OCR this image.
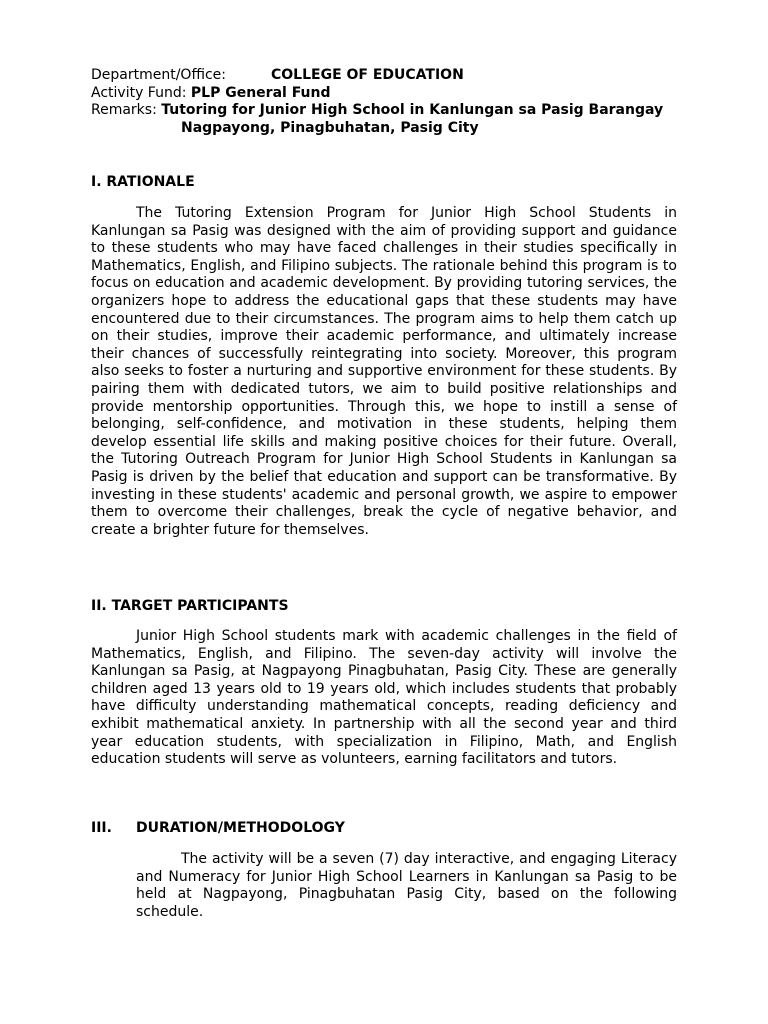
Department/Office:	COLLEGE OF EDUCATION

Activity Fund: PLP General Fund

Remarks: Tutoring for Junior High School in Kanlungan sa Pasig Barangay

Nagpayong, Pinagbuhatan, Pasig City

I. RATIONALE

The Tutoring Extension Program for Junior High School Students in Kanlungan sa Pasig was designed with the aim of providing support and guidance to these students who may have faced challenges in their studies specifically in Mathematics, English, and Filipino subjects. The rationale behind this program is to focus on education and academic development. By providing tutoring services, the organizers hope to address the educational gaps that these students may have encountered due to their circumstances. The program aims to help them catch up on their studies, improve their academic performance, and ultimately increase their chances of successfully reintegrating into society. Moreover, this program also seeks to foster a nurturing and supportive environment for these students. By pairing them with dedicated tutors, we aim to build positive relationships and provide mentorship opportunities. Through this, we hope to instill a sense of belonging, self-confidence, and motivation in these students, helping them develop essential life skills and making positive choices for their future. Overall, the Tutoring Outreach Program for Junior High School Students in Kanlungan sa Pasig is driven by the belief that education and support can be transformative. By investing in these students' academic and personal growth, we aspire to empower them to overcome their challenges, break the cycle of negative behavior, and create a brighter future for themselves.

II. TARGET PARTICIPANTS

Junior High School students mark with academic challenges in the field of Mathematics, English, and Filipino. The seven-day activity will involve the Kanlungan sa Pasig, at Nagpayong Pinagbuhatan, Pasig City. These are generally children aged 13 years old to 19 years old, which includes students that probably have difficulty understanding mathematical concepts, reading deficiency and exhibit mathematical anxiety. In partnership with all the second year and third year education students, with specialization in Filipino, Math, and English education students will serve as volunteers, earning facilitators and tutors.

III. DURATION/METHODOLOGY

The activity will be a seven (7) day interactive, and engaging Literacy and Numeracy for Junior High School Learners in Kanlungan sa Pasig to be held at Nagpayong, Pinagbuhatan Pasig City, based on the following schedule.
